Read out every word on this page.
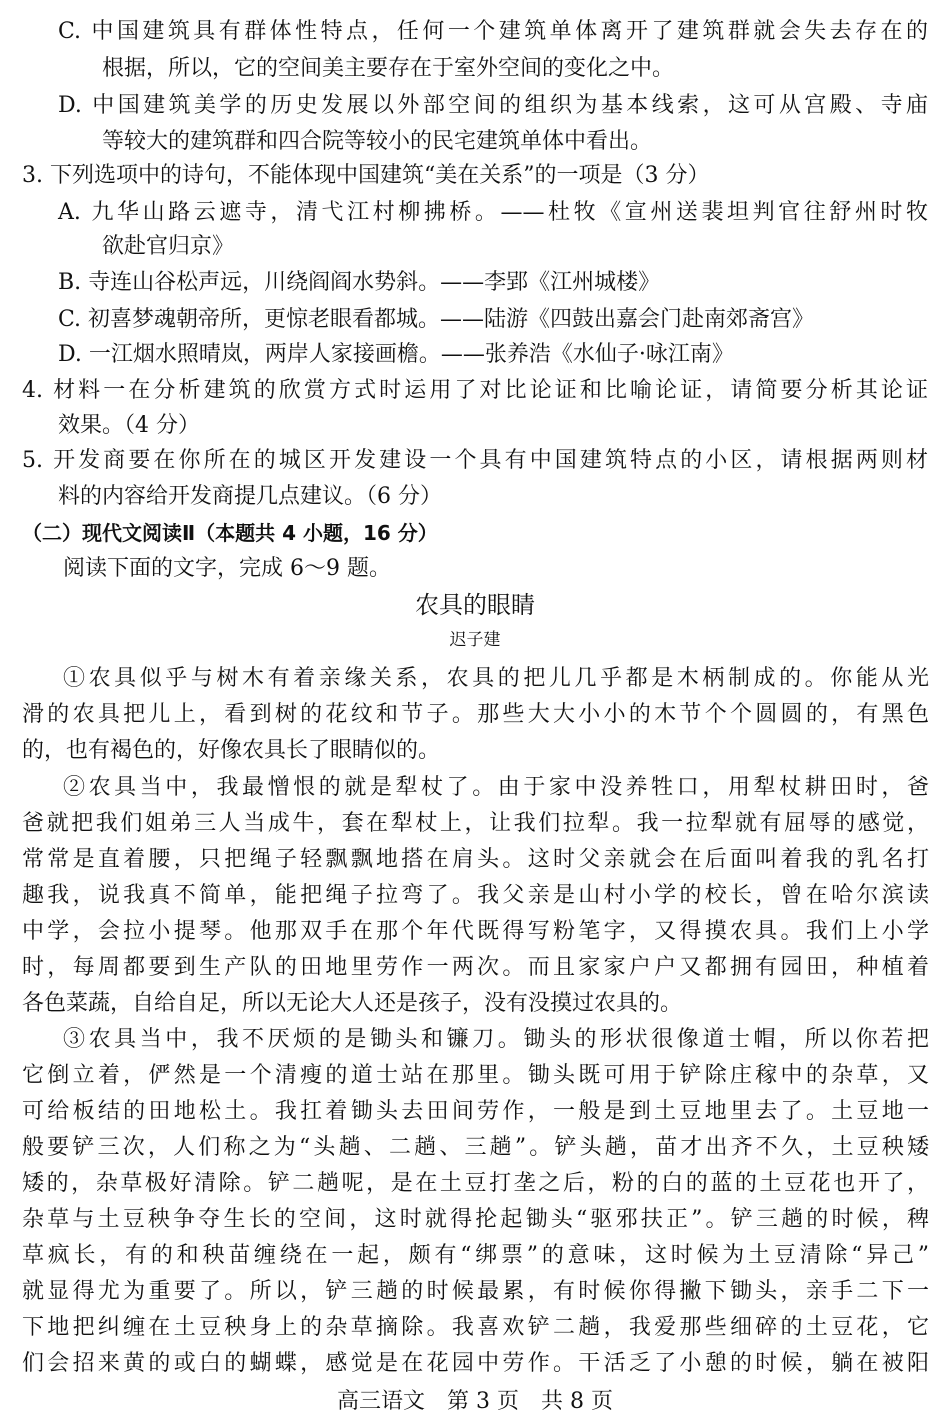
C. 中国建筑具有群体性特点，任何一个建筑单体离开了建筑群就会失去存在的
根据，所以，它的空间美主要存在于室外空间的变化之中。
D. 中国建筑美学的历史发展以外部空间的组织为基本线索，这可从宫殿、寺庙
等较大的建筑群和四合院等较小的民宅建筑单体中看出。
3. 下列选项中的诗句，不能体现中国建筑“美在关系”的一项是（3 分）
A. 九华山路云遮寺，清弋江村柳拂桥。——杜牧《宣州送裴坦判官往舒州时牧
欲赴官归京》
B. 寺连山谷松声远，川绕阎阎水势斜。——李郢《江州城楼》
C. 初喜梦魂朝帝所，更惊老眼看都城。——陆游《四鼓出嘉会门赴南郊斋宫》
D. 一江烟水照晴岚，两岸人家接画檐。——张养浩《水仙子·咏江南》
4. 材料一在分析建筑的欣赏方式时运用了对比论证和比喻论证，请简要分析其论证
效果。（4 分）
5. 开发商要在你所在的城区开发建设一个具有中国建筑特点的小区，请根据两则材
料的内容给开发商提几点建议。（6 分）
（二）现代文阅读Ⅱ（本题共 4 小题，16 分）
阅读下面的文字，完成 6～9 题。
农具的眼睛
迟子建
①农具似乎与树木有着亲缘关系，农具的把儿几乎都是木柄制成的。你能从光
滑的农具把儿上，看到树的花纹和节子。那些大大小小的木节个个圆圆的，有黑色
的，也有褐色的，好像农具长了眼睛似的。
②农具当中，我最憎恨的就是犁杖了。由于家中没养牲口，用犁杖耕田时，爸
爸就把我们姐弟三人当成牛，套在犁杖上，让我们拉犁。我一拉犁就有屈辱的感觉，
常常是直着腰，只把绳子轻飘飘地搭在肩头。这时父亲就会在后面叫着我的乳名打
趣我，说我真不简单，能把绳子拉弯了。我父亲是山村小学的校长，曾在哈尔滨读
中学，会拉小提琴。他那双手在那个年代既得写粉笔字，又得摸农具。我们上小学
时，每周都要到生产队的田地里劳作一两次。而且家家户户又都拥有园田，种植着
各色菜蔬，自给自足，所以无论大人还是孩子，没有没摸过农具的。
③农具当中，我不厌烦的是锄头和镰刀。锄头的形状很像道士帽，所以你若把
它倒立着，俨然是一个清瘦的道士站在那里。锄头既可用于铲除庄稼中的杂草，又
可给板结的田地松土。我扛着锄头去田间劳作，一般是到土豆地里去了。土豆地一
般要铲三次，人们称之为“头趟、二趟、三趟”。铲头趟，苗才出齐不久，土豆秧矮
矮的，杂草极好清除。铲二趟呢，是在土豆打垄之后，粉的白的蓝的土豆花也开了，
杂草与土豆秧争夺生长的空间，这时就得抡起锄头“驱邪扶正”。铲三趟的时候，稗
草疯长，有的和秧苗缠绕在一起，颇有“绑票”的意味，这时候为土豆清除“异己”
就显得尤为重要了。所以，铲三趟的时候最累，有时候你得撇下锄头，亲手二下一
下地把纠缠在土豆秧身上的杂草摘除。我喜欢铲二趟，我爱那些细碎的土豆花，它
们会招来黄的或白的蝴蝶，感觉是在花园中劳作。干活乏了小憩的时候，躺在被阳
高三语文　第 3 页　共 8 页
